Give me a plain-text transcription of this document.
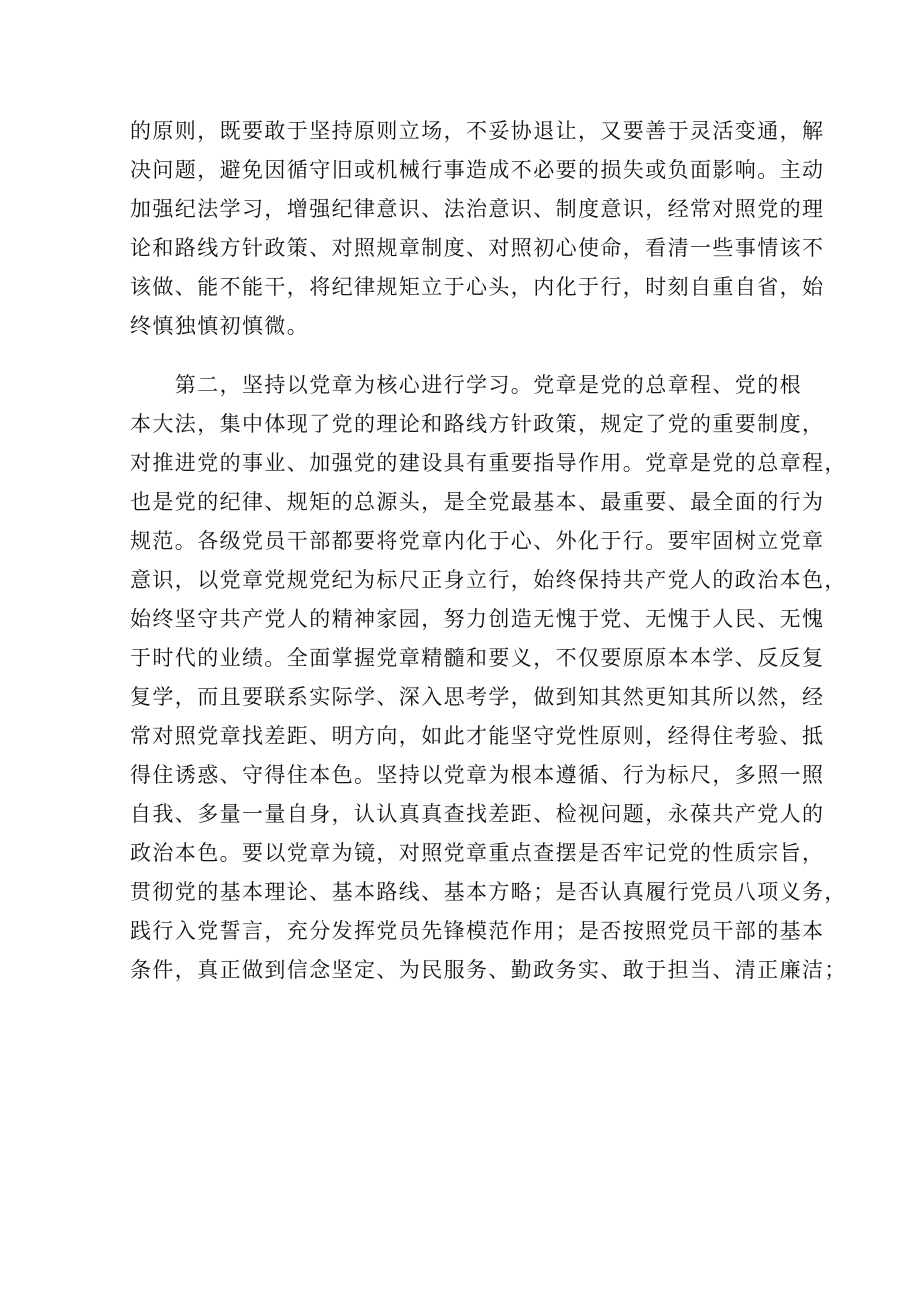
的原则，既要敢于坚持原则立场，不妥协退让，又要善于灵活变通，解
决问题，避免因循守旧或机械行事造成不必要的损失或负面影响。主动
加强纪法学习，增强纪律意识、法治意识、制度意识，经常对照党的理
论和路线方针政策、对照规章制度、对照初心使命，看清一些事情该不
该做、能不能干，将纪律规矩立于心头，内化于行，时刻自重自省，始
终慎独慎初慎微。
　　第二，坚持以党章为核心进行学习。党章是党的总章程、党的根
本大法，集中体现了党的理论和路线方针政策，规定了党的重要制度，
对推进党的事业、加强党的建设具有重要指导作用。党章是党的总章程，
也是党的纪律、规矩的总源头，是全党最基本、最重要、最全面的行为
规范。各级党员干部都要将党章内化于心、外化于行。要牢固树立党章
意识，以党章党规党纪为标尺正身立行，始终保持共产党人的政治本色，
始终坚守共产党人的精神家园，努力创造无愧于党、无愧于人民、无愧
于时代的业绩。全面掌握党章精髓和要义，不仅要原原本本学、反反复
复学，而且要联系实际学、深入思考学，做到知其然更知其所以然，经
常对照党章找差距、明方向，如此才能坚守党性原则，经得住考验、抵
得住诱惑、守得住本色。坚持以党章为根本遵循、行为标尺，多照一照
自我、多量一量自身，认认真真查找差距、检视问题，永葆共产党人的
政治本色。要以党章为镜，对照党章重点查摆是否牢记党的性质宗旨，
贯彻党的基本理论、基本路线、基本方略；是否认真履行党员八项义务，
践行入党誓言，充分发挥党员先锋模范作用；是否按照党员干部的基本
条件，真正做到信念坚定、为民服务、勤政务实、敢于担当、清正廉洁；
